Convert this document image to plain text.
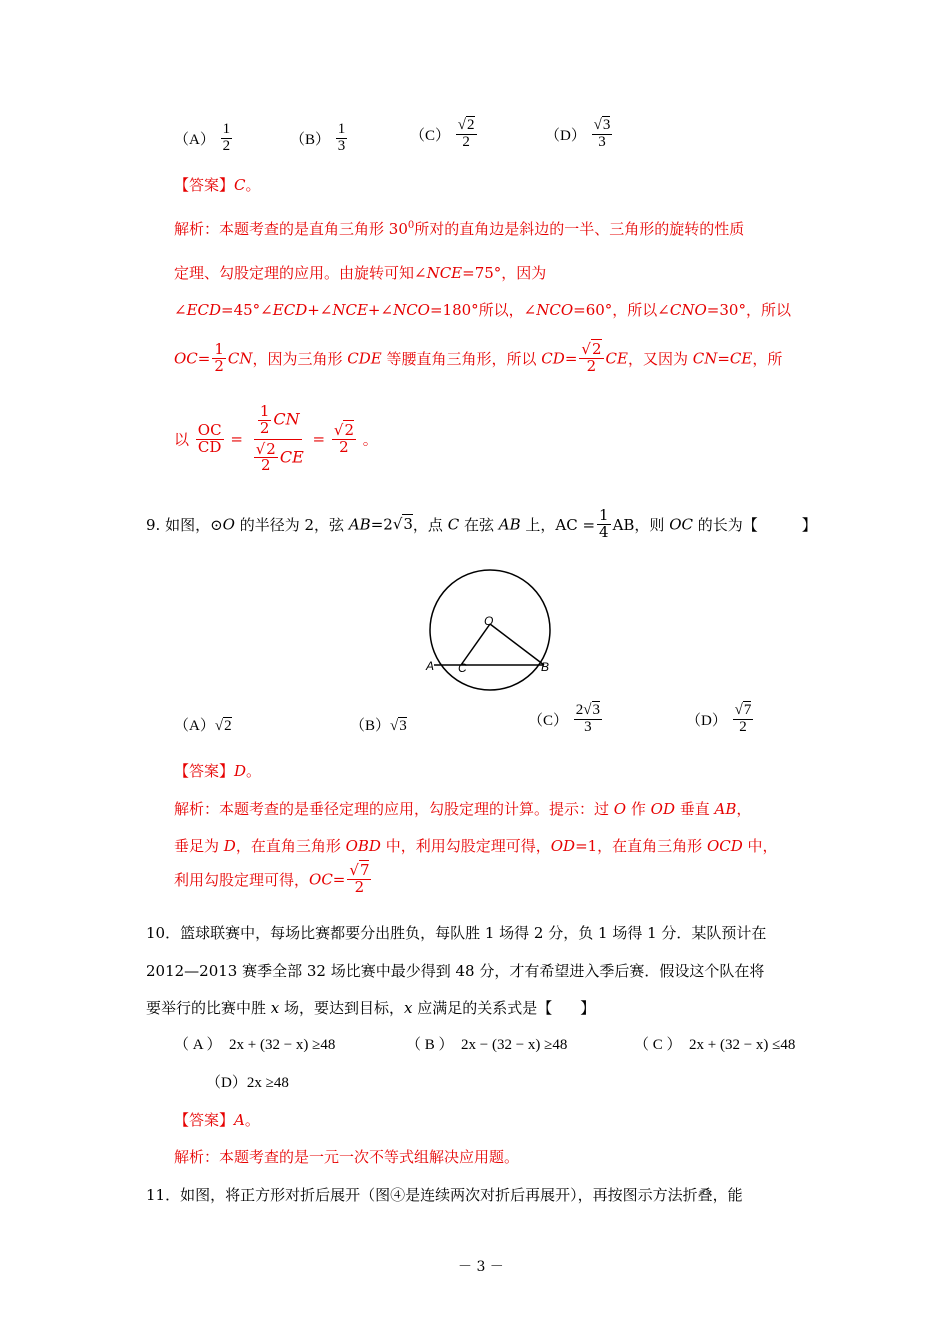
$(A) \frac{1}{2}$	$(B) \frac{1}{3}$	$(C) \frac{√2}{2}$	$(D) \frac{√3}{3}$
【答案】C。
解析：本题考查的是直角三角形 $30^0$所对的直角边是斜边的一半、三角形的旋转的性质
定理、勾股定理的应用。由旋转可知∠NCE=75°，因为
∠ECD=45°∠ECD+∠NCE+∠NCO=180°所以，∠NCO=60°，所以∠CNO=30°，所以
$OC= \frac{1}{2}$ CN，因为三角形 CDE 等腰直角三角形，所以 $CD= \frac{√2}{2}$ CE，又因为 CN=CE，所
以 $\frac{OC}{CD} = \frac{\frac{1}{2} CN}{\frac{√2}{2} CE} = \frac{√2}{2}$ 。
9. 如图，⊙O 的半径为 2，弦 AB=2√3，点 C 在弦 AB 上，AC = $\frac{1}{4}$ AB，则 OC 的长为【	】
O
A C	B
（A）√2	（B）√3	$(C) \frac{2√3}{3}$	$(D) \frac{√7}{2}$
【答案】D。
解析：本题考查的是垂径定理的应用，勾股定理的计算。提示：过 O 作 OD 垂直 AB，
垂足为 D，在直角三角形 OBD 中，利用勾股定理可得，OD=1，在直角三角形 OCD 中，
利用勾股定理可得，$OC= \frac{√7}{2}$
10．篮球联赛中，每场比赛都要分出胜负，每队胜 1 场得 2 分，负 1 场得 1 分．某队预计在
2012—2013 赛季全部 32 场比赛中最少得到 48 分，才有希望进入季后赛．假设这个队在将
要举行的比赛中胜 x 场，要达到目标，x 应满足的关系式是【 】
（ A ） 2x + (32 − x) ≥48	（ B ） 2x − (32 − x) ≥48	（ C ） 2x + (32 − x) ≤48
（D）2x ≥48
【答案】A。
解析：本题考查的是一元一次不等式组解决应用题。
11．如图，将正方形对折后展开（图④是连续两次对折后再展开），再按图示方法折叠，能
－ 3 －
